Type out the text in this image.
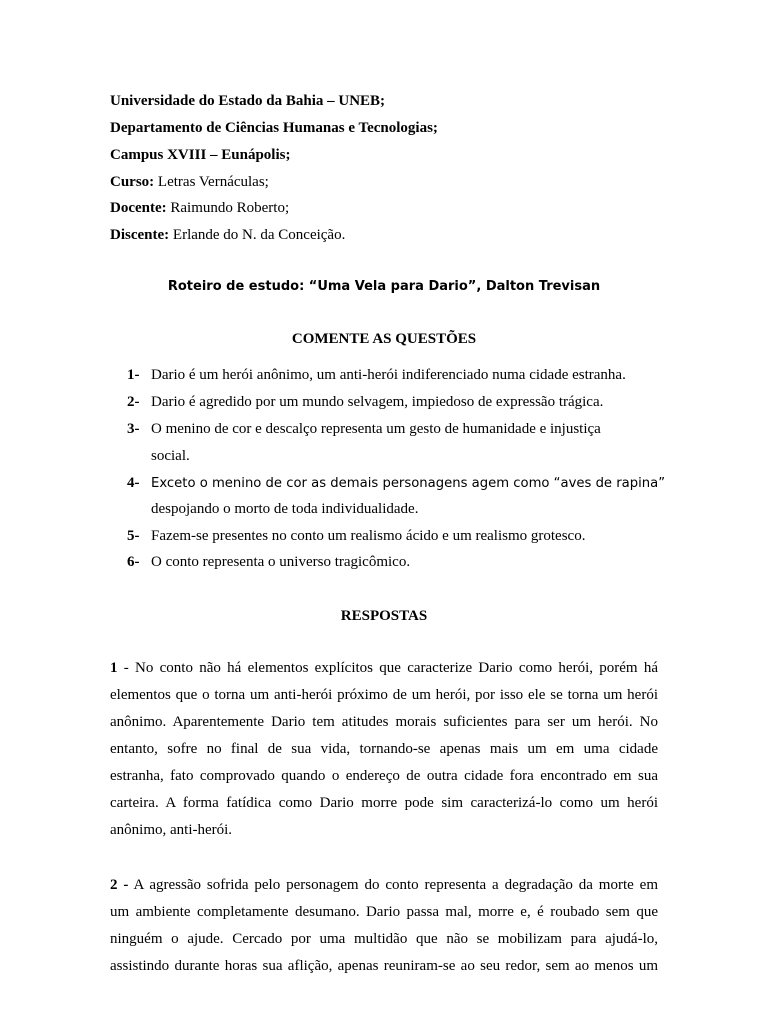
Universidade do Estado da Bahia – UNEB;
Departamento de Ciências Humanas e Tecnologias;
Campus XVIII – Eunápolis;
Curso: Letras Vernáculas;
Docente: Raimundo Roberto;
Discente: Erlande do N. da Conceição.
Roteiro de estudo: “Uma Vela para Dario”, Dalton Trevisan
COMENTE AS QUESTÕES
1- Dario é um herói anônimo, um anti-herói indiferenciado numa cidade estranha.
2- Dario é agredido por um mundo selvagem, impiedoso de expressão trágica.
3- O menino de cor e descalço representa um gesto de humanidade e injustiça
social.
4- Exceto o menino de cor as demais personagens agem como “aves de rapina”
despojando o morto de toda individualidade.
5- Fazem-se presentes no conto um realismo ácido e um realismo grotesco.
6- O conto representa o universo tragicômico.
RESPOSTAS
1 - No conto não há elementos explícitos que caracterize Dario como herói, porém há
elementos que o torna um anti-herói próximo de um herói, por isso ele se torna um herói
anônimo. Aparentemente Dario tem atitudes morais suficientes para ser um herói. No
entanto, sofre no final de sua vida, tornando-se apenas mais um em uma cidade
estranha, fato comprovado quando o endereço de outra cidade fora encontrado em sua
carteira. A forma fatídica como Dario morre pode sim caracterizá-lo como um herói
anônimo, anti-herói.
2 - A agressão sofrida pelo personagem do conto representa a degradação da morte em
um ambiente completamente desumano. Dario passa mal, morre e, é roubado sem que
ninguém o ajude. Cercado por uma multidão que não se mobilizam para ajudá-lo,
assistindo durante horas sua aflição, apenas reuniram-se ao seu redor, sem ao menos um
